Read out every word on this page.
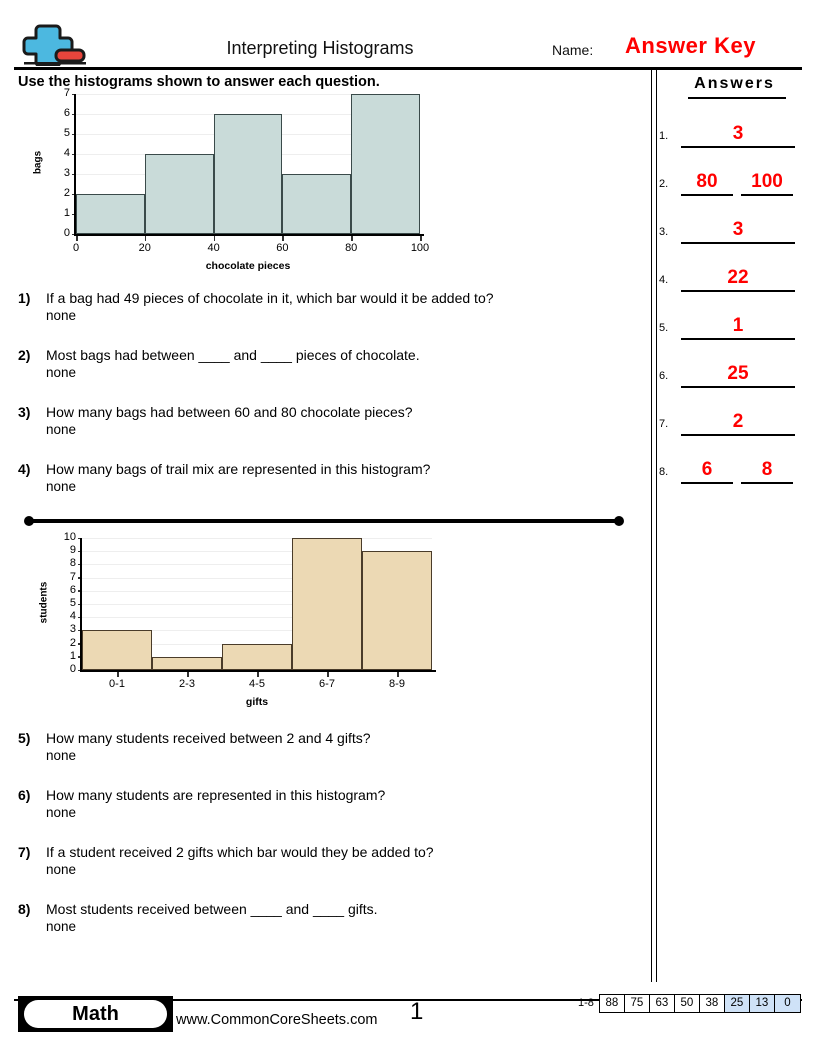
Interpreting Histograms	Name: Answer Key
Use the histograms shown to answer each question.
0
1
2
3
4
5
6
7
0	20	40	60	80	100
bags
chocolate pieces
1) If a bag had 49 pieces of chocolate in it, which bar would it be added to?
none
2) Most bags had between ____ and ____ pieces of chocolate.
none
3) How many bags had between 60 and 80 chocolate pieces?
none
4) How many bags of trail mix are represented in this histogram?
none
0
1
2
3
4
5
6
7
8
9
10
0-1	2-3	4-5	6-7	8-9
students
gifts
5) How many students received between 2 and 4 gifts?
none
6) How many students are represented in this histogram?
none
7) If a student received 2 gifts which bar would they be added to?
none
8) Most students received between ____ and ____ gifts.
none
Answers
1.	3
2.	80	100
3.	3
4.	22
5.	1
6.	25
7.	2
8.	6	8
Math	www.CommonCoreSheets.com 1	1-8	88	75	63	50	38	25	13	0
